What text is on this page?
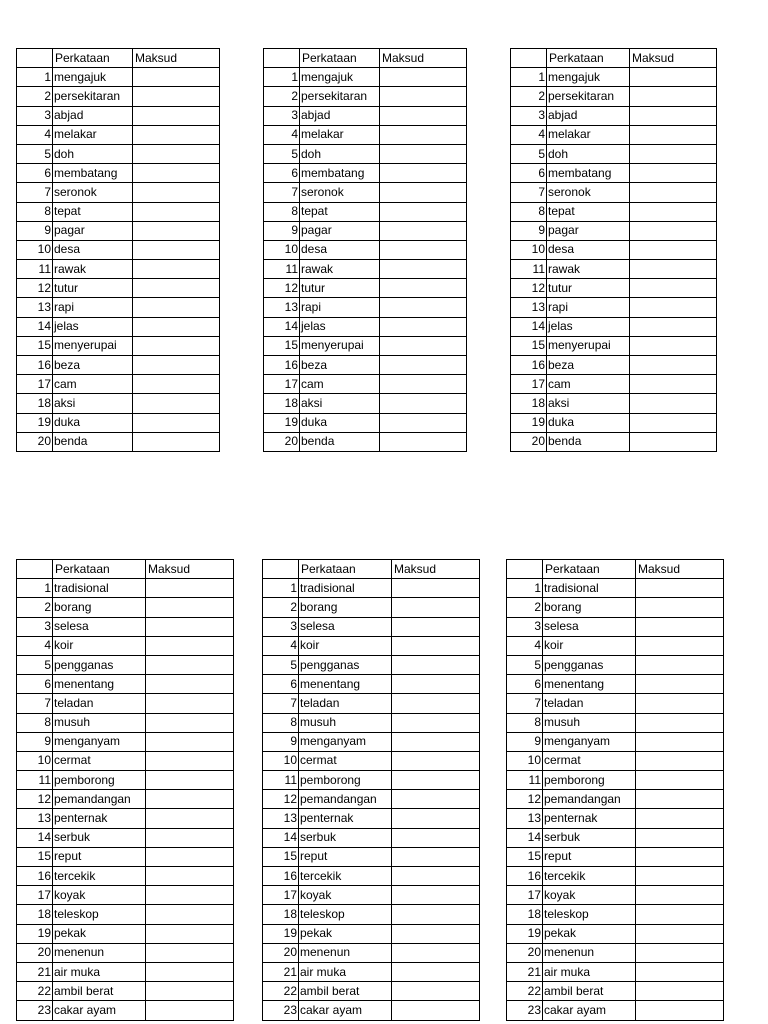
	Perkataan	Maksud
1	mengajuk	
2	persekitaran	
3	abjad	
4	melakar	
5	doh	
6	membatang	
7	seronok	
8	tepat	
9	pagar	
10	desa	
11	rawak	
12	tutur	
13	rapi	
14	jelas	
15	menyerupai	
16	beza	
17	cam	
18	aksi	
19	duka	
20	benda	
	Perkataan	Maksud
1	mengajuk	
2	persekitaran	
3	abjad	
4	melakar	
5	doh	
6	membatang	
7	seronok	
8	tepat	
9	pagar	
10	desa	
11	rawak	
12	tutur	
13	rapi	
14	jelas	
15	menyerupai	
16	beza	
17	cam	
18	aksi	
19	duka	
20	benda	
	Perkataan	Maksud
1	mengajuk	
2	persekitaran	
3	abjad	
4	melakar	
5	doh	
6	membatang	
7	seronok	
8	tepat	
9	pagar	
10	desa	
11	rawak	
12	tutur	
13	rapi	
14	jelas	
15	menyerupai	
16	beza	
17	cam	
18	aksi	
19	duka	
20	benda	
	Perkataan	Maksud
1	tradisional	
2	borang	
3	selesa	
4	koir	
5	pengganas	
6	menentang	
7	teladan	
8	musuh	
9	menganyam	
10	cermat	
11	pemborong	
12	pemandangan	
13	penternak	
14	serbuk	
15	reput	
16	tercekik	
17	koyak	
18	teleskop	
19	pekak	
20	menenun	
21	air muka	
22	ambil berat	
23	cakar ayam	
	Perkataan	Maksud
1	tradisional	
2	borang	
3	selesa	
4	koir	
5	pengganas	
6	menentang	
7	teladan	
8	musuh	
9	menganyam	
10	cermat	
11	pemborong	
12	pemandangan	
13	penternak	
14	serbuk	
15	reput	
16	tercekik	
17	koyak	
18	teleskop	
19	pekak	
20	menenun	
21	air muka	
22	ambil berat	
23	cakar ayam	
	Perkataan	Maksud
1	tradisional	
2	borang	
3	selesa	
4	koir	
5	pengganas	
6	menentang	
7	teladan	
8	musuh	
9	menganyam	
10	cermat	
11	pemborong	
12	pemandangan	
13	penternak	
14	serbuk	
15	reput	
16	tercekik	
17	koyak	
18	teleskop	
19	pekak	
20	menenun	
21	air muka	
22	ambil berat	
23	cakar ayam	
